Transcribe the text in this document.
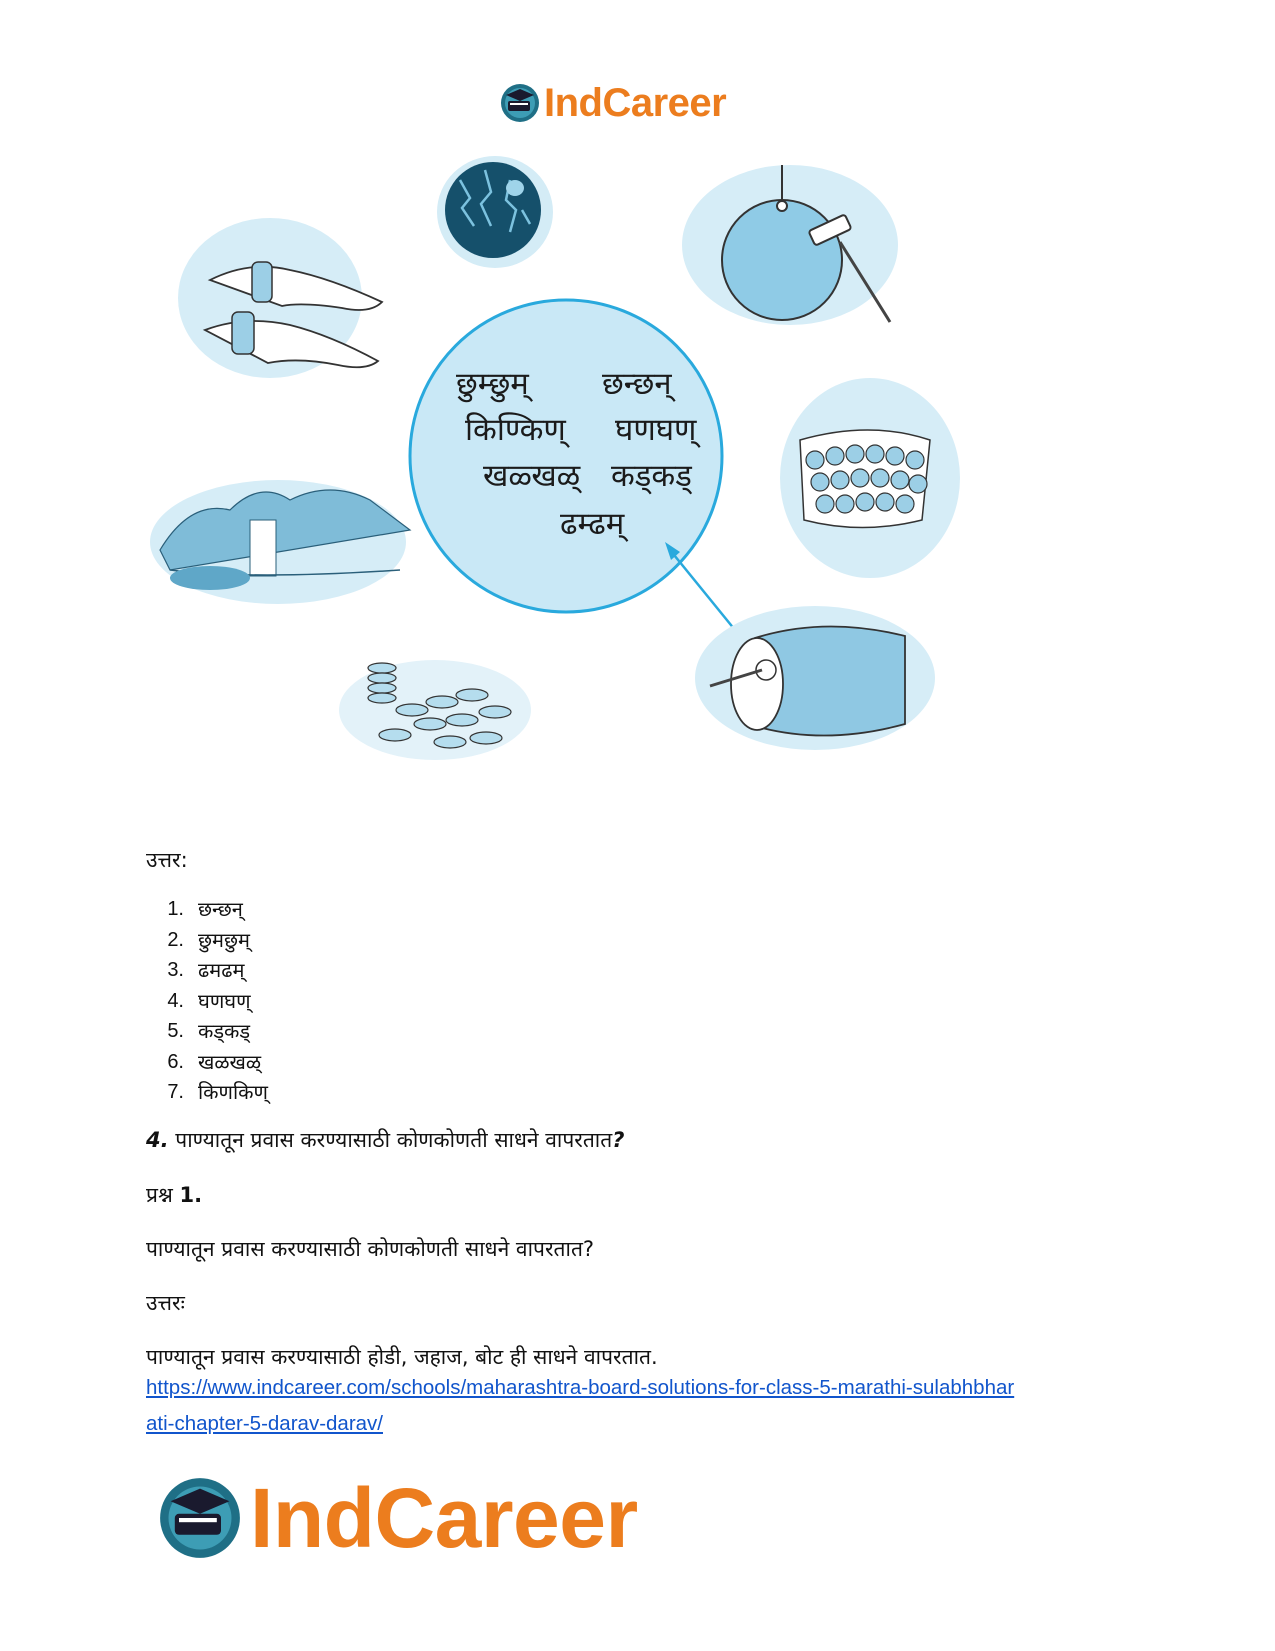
IndCareer
छुम्छुम् छन्छन्
किण्किण् घणघण्
खळ्खळ् कड्कड्
ढम्ढम्
उत्तर:
1. छन्छन्
2. छुमछुम्
3. ढमढम्
4. घणघण्
5. कड्कड्
6. खळखळ्
7. किणकिण्
4. पाण्यातून प्रवास करण्यासाठी कोणकोणती साधने वापरतात?
प्रश्न 1.
पाण्यातून प्रवास करण्यासाठी कोणकोणती साधने वापरतात?
उत्तरः
पाण्यातून प्रवास करण्यासाठी होडी, जहाज, बोट ही साधने वापरतात.
https://www.indcareer.com/schools/maharashtra-board-solutions-for-class-5-marathi-sulabhbhar
ati-chapter-5-darav-darav/
IndCareer
